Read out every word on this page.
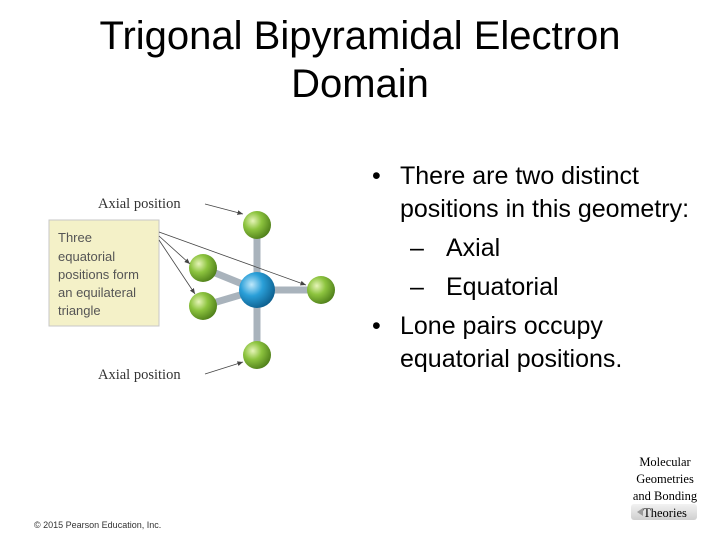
Trigonal Bipyramidal Electron Domain
Three equatorial positions form an equilateral triangle
Axial position
Axial position
• There are two distinct positions in this geometry:
– Axial
– Equatorial
• Lone pairs occupy equatorial positions.
© 2015 Pearson Education, Inc.
Molecular
Geometries
and Bonding
Theories
